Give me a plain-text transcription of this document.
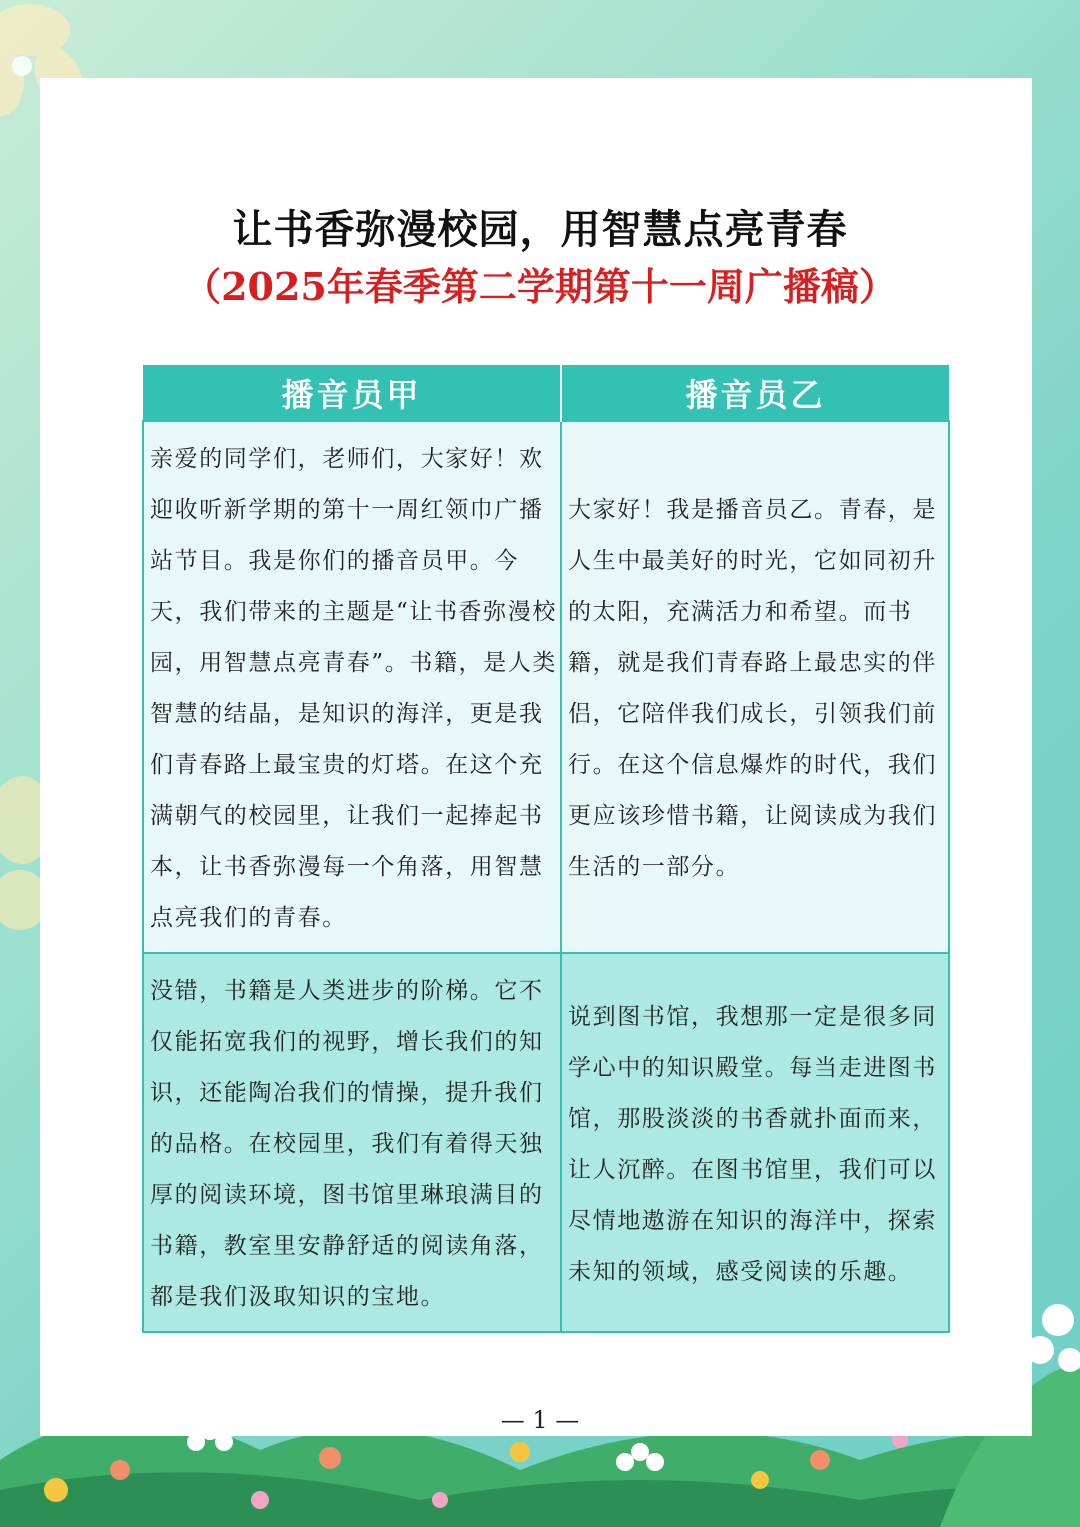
让书香弥漫校园，用智慧点亮青春
（2025年春季第二学期第十一周广播稿）
播音员甲	播音员乙
亲爱的同学们，老师们，大家好！欢迎收听新学期的第十一周红领巾广播站节目。我是你们的播音员甲。今天，我们带来的主题是“让书香弥漫校园，用智慧点亮青春”。书籍，是人类智慧的结晶，是知识的海洋，更是我们青春路上最宝贵的灯塔。在这个充满朝气的校园里，让我们一起捧起书本，让书香弥漫每一个角落，用智慧点亮我们的青春。	大家好！我是播音员乙。青春，是人生中最美好的时光，它如同初升的太阳，充满活力和希望。而书籍，就是我们青春路上最忠实的伴侣，它陪伴我们成长，引领我们前行。在这个信息爆炸的时代，我们更应该珍惜书籍，让阅读成为我们生活的一部分。
没错，书籍是人类进步的阶梯。它不仅能拓宽我们的视野，增长我们的知识，还能陶冶我们的情操，提升我们的品格。在校园里，我们有着得天独厚的阅读环境，图书馆里琳琅满目的书籍，教室里安静舒适的阅读角落，都是我们汲取知识的宝地。	说到图书馆，我想那一定是很多同学心中的知识殿堂。每当走进图书馆，那股淡淡的书香就扑面而来，让人沉醉。在图书馆里，我们可以尽情地遨游在知识的海洋中，探索未知的领域，感受阅读的乐趣。
— 1 —
